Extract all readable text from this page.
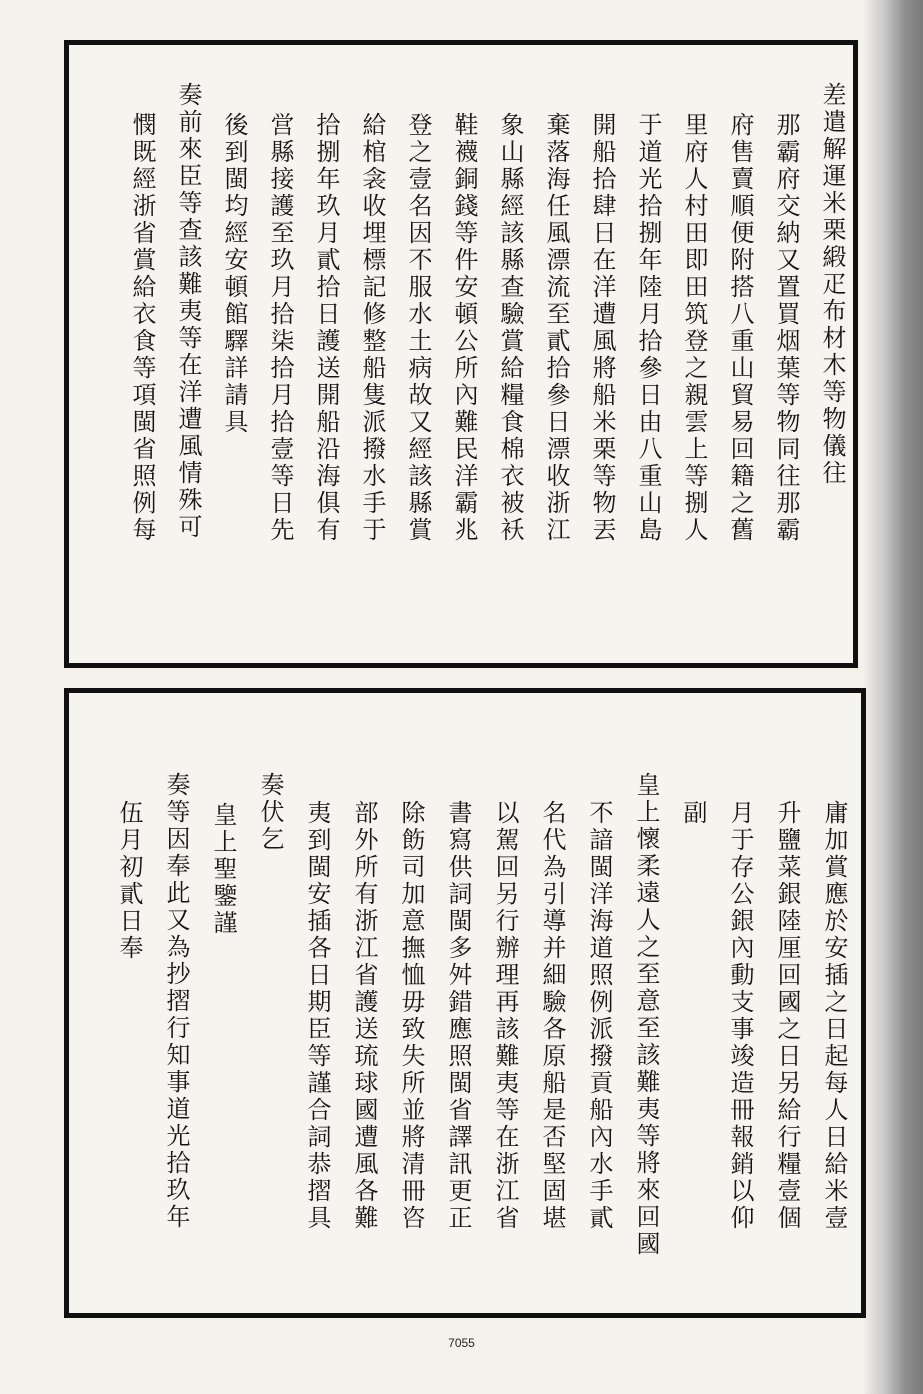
差遣解運米栗緞疋布材木等物儀往
那霸府交納又置買烟葉等物同往那霸
府售賣順便附搭八重山貿易回籍之舊
里府人村田即田筑登之親雲上等捌人
于道光拾捌年陸月拾參日由八重山島
開船拾肆日在洋遭風將船米栗等物丟
棄落海任風漂流至貳拾參日漂收浙江
象山縣經該縣查驗賞給糧食棉衣被袄
鞋襪銅錢等件安頓公所內難民洋霸兆
登之壹名因不服水土病故又經該縣賞
給棺衾收埋標記修整船隻派撥水手于
拾捌年玖月貳拾日護送開船沿海俱有
営縣接護至玖月拾柒拾月拾壹等日先
後到閩均經安頓館驛詳請具
奏前來臣等查該難夷等在洋遭風情殊可
憫既經浙省賞給衣食等項閩省照例每
庸加賞應於安插之日起每人日給米壹
升鹽菜銀陸厘回國之日另給行糧壹個
月于存公銀內動支事竣造冊報銷以仰
副
皇上懷柔遠人之至意至該難夷等將來回國
不諳閩洋海道照例派撥貢船內水手貳
名代為引導并細驗各原船是否堅固堪
以駕回另行辦理再該難夷等在浙江省
書寫供詞閩多舛錯應照閩省譯訊更正
除飭司加意撫恤毋致失所並將清冊咨
部外所有浙江省護送琉球國遭風各難
夷到閩安插各日期臣等謹合詞恭摺具
奏伏乞
皇上聖鑒謹
奏等因奉此又為抄摺行知事道光拾玖年
伍月初貳日奉
7055
